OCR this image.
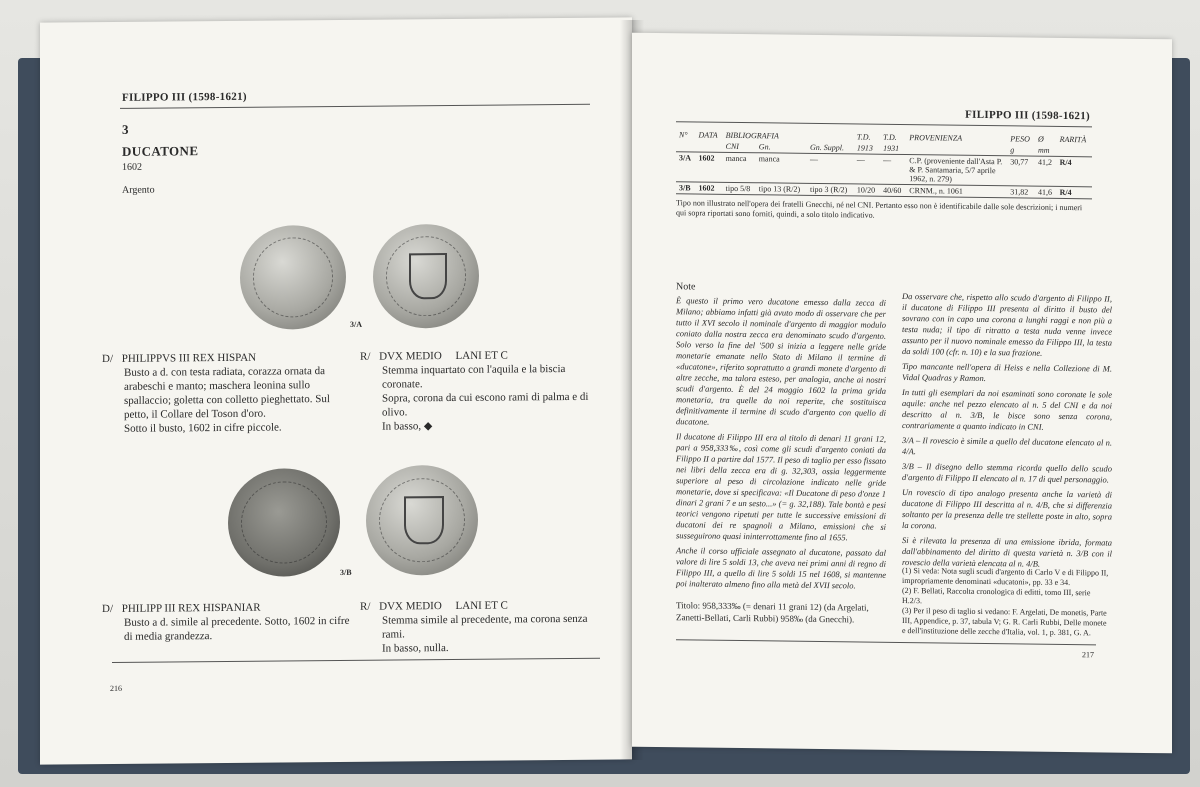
FILIPPO III (1598-1621)
3
DUCATONE
1602
Argento
3/A
D/ PHILIPPVS III REX HISPAN

Busto a d. con testa radiata, corazza ornata da arabeschi e manto; maschera leonina sullo spallaccio; goletta con colletto pieghettato. Sul petto, il Collare del Toson d'oro.
Sotto il busto, 1602 in cifre piccole.
R/ DVX MEDIO     LANI ET C

Stemma inquartato con l'aquila e la biscia coronate.
Sopra, corona da cui escono rami di palma e di olivo.
In basso, ◆
3/B
D/ PHILIPP III REX HISPANIAR

Busto a d. simile al precedente. Sotto, 1602 in cifre di media grandezza.
R/ DVX MEDIO     LANI ET C

Stemma simile al precedente, ma corona senza rami.
In basso, nulla.
216
FILIPPO III (1598-1621)
N°	DATA	BIBLIOGRAFIA			T.D.	T.D.	PROVENIENZA	PESO	Ø	RARITÀ
		CNI	Gn.	Gn. Suppl.	1913	1931		g	mm	
3/A	1602	manca	manca	—	—	—	C.P. (proveniente dall'Asta P. & P. Santamaria, 5/7 aprile 1962, n. 279)	30,77	41,2	R/4
3/B	1602	tipo 5/8	tipo 13 (R/2)	tipo 3 (R/2)	10/20	40/60	CRNM., n. 1061	31,82	41,6	R/4
Tipo non illustrato nell'opera dei fratelli Gnecchi, né nel CNI. Pertanto esso non è identificabile dalle sole descrizioni; i numeri qui sopra riportati sono forniti, quindi, a solo titolo indicativo.
Note
È questo il primo vero ducatone emesso dalla zecca di Milano; abbiamo infatti già avuto modo di osservare che per tutto il XVI secolo il nominale d'argento di maggior modulo coniato dalla nostra zecca era denominato scudo d'argento. Solo verso la fine del '500 si inizia a leggere nelle gride monetarie emanate nello Stato di Milano il termine di «ducatone», riferito soprattutto a grandi monete d'argento di altre zecche, ma talora esteso, per analogia, anche ai nostri scudi d'argento. È del 24 maggio 1602 la prima grida monetaria, tra quelle da noi reperite, che sostituisca definitivamente il termine di scudo d'argento con quello di ducatone.
Il ducatone di Filippo III era al titolo di denari 11 grani 12, pari a 958,333‰, così come gli scudi d'argento coniati da Filippo II a partire dal 1577. Il peso di taglio per esso fissato nei libri della zecca era di g. 32,303, ossia leggermente superiore al peso di circolazione indicato nelle gride monetarie, dove si specificava: «Il Ducatone di peso d'onze 1 dinari 2 grani 7 e un sesto...» (= g. 32,188). Tale bontà e pesi teorici vengono ripetuti per tutte le successive emissioni di ducatoni dei re spagnoli a Milano, emissioni che si susseguirono quasi ininterrottamente fino al 1655.
Anche il corso ufficiale assegnato al ducatone, passato dal valore di lire 5 soldi 13, che aveva nei primi anni di regno di Filippo III, a quello di lire 5 soldi 15 nel 1608, si mantenne poi inalterato almeno fino alla metà del XVII secolo.
Titolo: 958,333‰ (= denari 11 grani 12) (da Argelati, Zanetti-Bellati, Carli Rubbi) 958‰ (da Gnecchi).
Da osservare che, rispetto allo scudo d'argento di Filippo II, il ducatone di Filippo III presenta al diritto il busto del sovrano con in capo una corona a lunghi raggi e non più a testa nuda; il tipo di ritratto a testa nuda venne invece assunto per il nuovo nominale emesso da Filippo III, la testa da soldi 100 (cfr. n. 10) e la sua frazione.
Tipo mancante nell'opera di Heiss e nella Collezione di M. Vidal Quadras y Ramon.
In tutti gli esemplari da noi esaminati sono coronate le sole aquile: anche nel pezzo elencato al n. 5 del CNI e da noi descritto al n. 3/B, le bisce sono senza corona, contrariamente a quanto indicato in CNI.
3/A – Il rovescio è simile a quello del ducatone elencato al n. 4/A.
3/B – Il disegno dello stemma ricorda quello dello scudo d'argento di Filippo II elencato al n. 17 di quel personaggio.
Un rovescio di tipo analogo presenta anche la varietà di ducatone di Filippo III descritta al n. 4/B, che si differenzia soltanto per la presenza delle tre stellette poste in alto, sopra la corona.
Si è rilevata la presenza di una emissione ibrida, formata dall'abbinamento del diritto di questa varietà n. 3/B con il rovescio della varietà elencata al n. 4/B.
(1) Si veda: Nota sugli scudi d'argento di Carlo V e di Filippo II, impropriamente denominati «ducatoni», pp. 33 e 34.
(2) F. Bellati, Raccolta cronologica di editti, tomo III, serie H.2/3.
(3) Per il peso di taglio si vedano: F. Argelati, De monetis, Parte III, Appendice, p. 37, tabula V; G. R. Carli Rubbi, Delle monete e dell'instituzione delle zecche d'Italia, vol. 1, p. 381, G. A.
217
